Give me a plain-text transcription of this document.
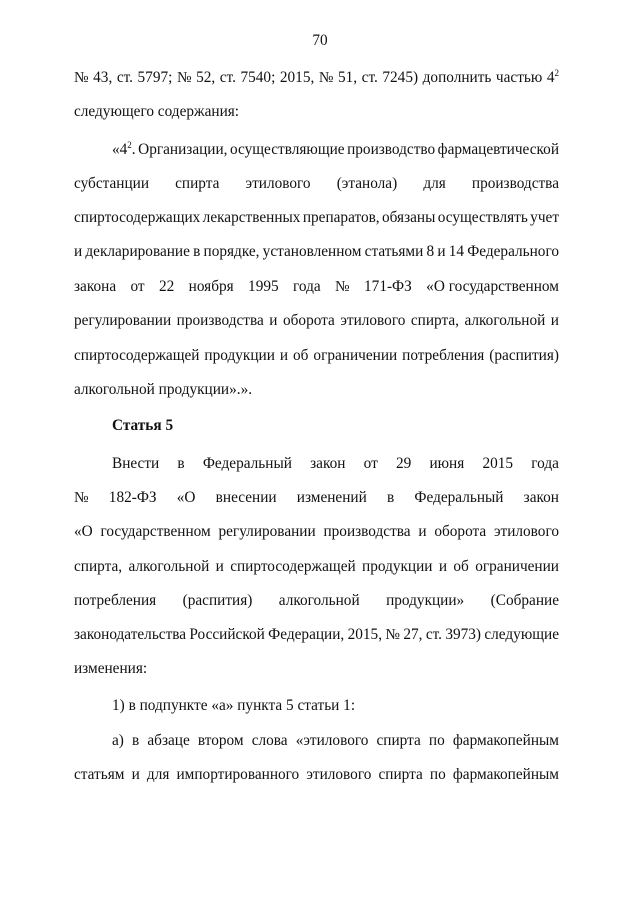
70
№ 43, ст. 5797; № 52, ст. 7540; 2015, № 51, ст. 7245) дополнить частью $4^2$
следующего содержания:
«$4^2$. Организации, осуществляющие производство фармацевтической
субстанции спирта этилового (этанола) для производства
спиртосодержащих лекарственных препаратов, обязаны осуществлять учет
и декларирование в порядке, установленном статьями 8 и 14 Федерального
закона от 22 ноября 1995 года № 171-ФЗ «О государственном
регулировании производства и оборота этилового спирта, алкогольной и
спиртосодержащей продукции и об ограничении потребления (распития)
алкогольной продукции».».
Статья 5
Внести в Федеральный закон от 29 июня 2015 года
№ 182-ФЗ «О внесении изменений в Федеральный закон
«О государственном регулировании производства и оборота этилового
спирта, алкогольной и спиртосодержащей продукции и об ограничении
потребления (распития) алкогольной продукции» (Собрание
законодательства Российской Федерации, 2015, № 27, ст. 3973) следующие
изменения:
1) в подпункте «а» пункта 5 статьи 1:
а) в абзаце втором слова «этилового спирта по фармакопейным
статьям и для импортированного этилового спирта по фармакопейным
